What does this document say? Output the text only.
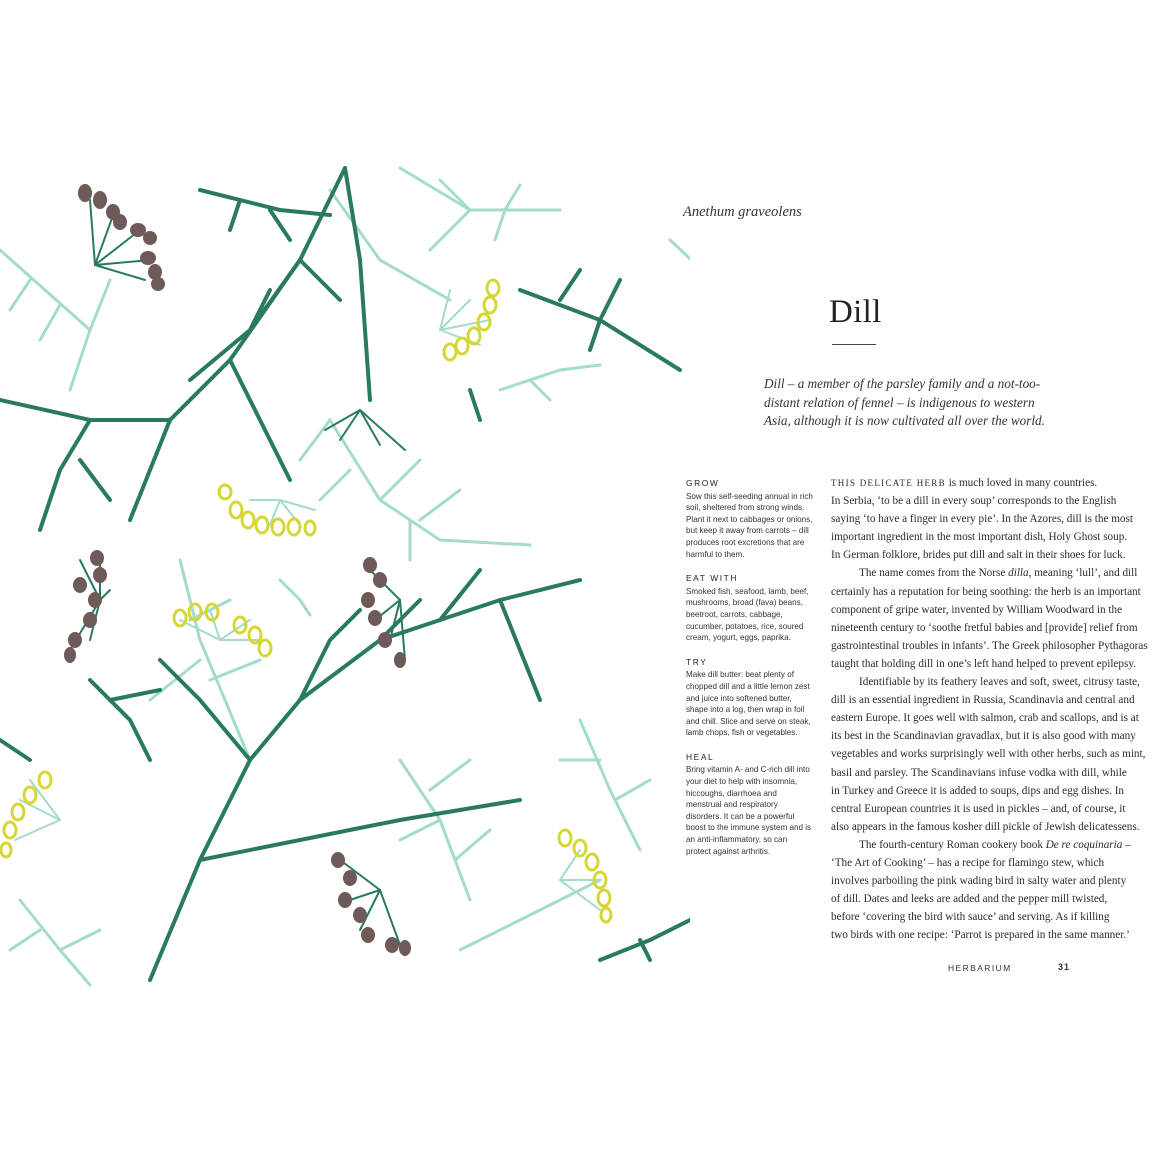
Anethum graveolens
Dill

Dill – a member of the parsley family and a not-too-distant relation of fennel – is indigenous to western Asia, although it is now cultivated all over the world.

GROW

Sow this self-seeding annual in rich soil, sheltered from strong winds. Plant it next to cabbages or onions, but keep it away from carrots – dill produces root excretions that are harmful to them.

EAT WITH

Smoked fish, seafood, lamb, beef, mushrooms, broad (fava) beans, beetroot, carrots, cabbage, cucumber, potatoes, rice, soured cream, yogurt, eggs, paprika.

TRY

Make dill butter: beat plenty of chopped dill and a little lemon zest and juice into softened butter, shape into a log, then wrap in foil and chill. Slice and serve on steak, lamb chops, fish or vegetables.

HEAL

Bring vitamin A- and C-rich dill into your diet to help with insomnia, hiccoughs, diarrhoea and menstrual and respiratory disorders. It can be a powerful boost to the immune system and is an anti-inflammatory, so can protect against arthritis.

THIS DELICATE HERB is much loved in many countries.
In Serbia, ‘to be a dill in every soup’ corresponds to the English
saying ‘to have a finger in every pie’. In the Azores, dill is the most
important ingredient in the most important dish, Holy Ghost soup.
In German folklore, brides put dill and salt in their shoes for luck.

The name comes from the Norse dilla, meaning ‘lull’, and dill
certainly has a reputation for being soothing: the herb is an important
component of gripe water, invented by William Woodward in the
nineteenth century to ‘soothe fretful babies and [provide] relief from
gastrointestinal troubles in infants’. The Greek philosopher Pythagoras
taught that holding dill in one’s left hand helped to prevent epilepsy.

Identifiable by its feathery leaves and soft, sweet, citrusy taste,
dill is an essential ingredient in Russia, Scandinavia and central and
eastern Europe. It goes well with salmon, crab and scallops, and is at
its best in the Scandinavian gravadlax, but it is also good with many
vegetables and works surprisingly well with other herbs, such as mint,
basil and parsley. The Scandinavians infuse vodka with dill, while
in Turkey and Greece it is added to soups, dips and egg dishes. In
central European countries it is used in pickles – and, of course, it
also appears in the famous kosher dill pickle of Jewish delicatessens.

The fourth-century Roman cookery book De re coquinaria –
‘The Art of Cooking’ – has a recipe for flamingo stew, which
involves parboiling the pink wading bird in salty water and plenty
of dill. Dates and leeks are added and the pepper mill twisted,
before ‘covering the bird with sauce’ and serving. As if killing
two birds with one recipe: ‘Parrot is prepared in the same manner.’

HERBARIUM	31
